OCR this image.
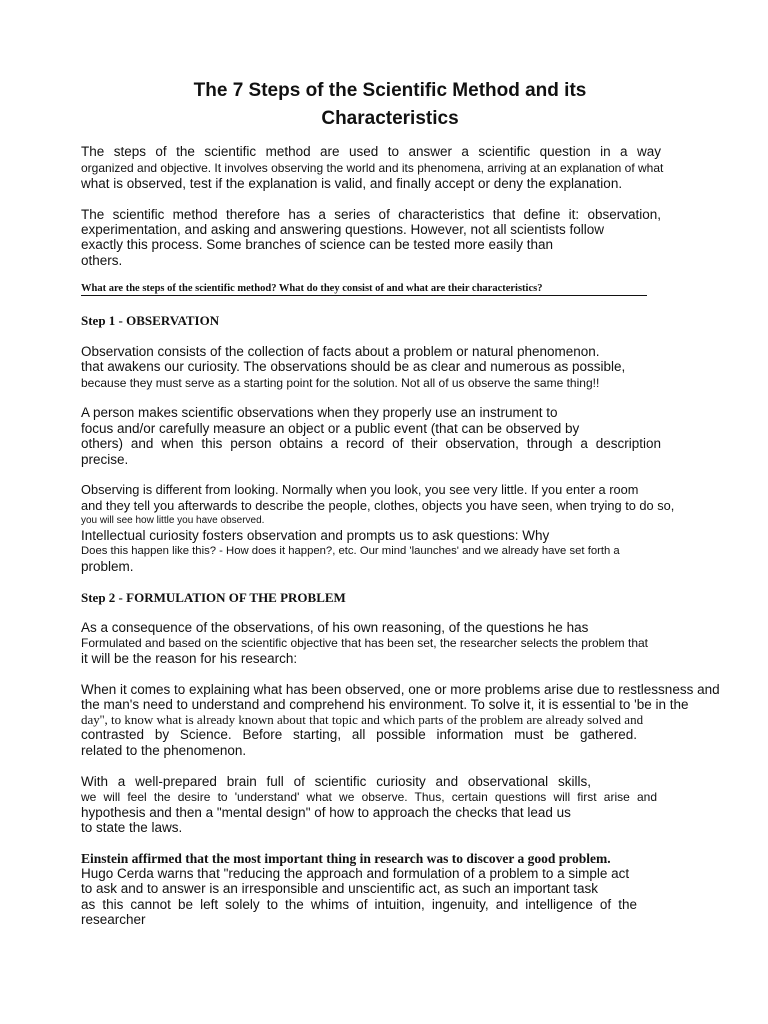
The 7 Steps of the Scientific Method and its

Characteristics

The steps of the scientific method are used to answer a scientific question in a way

organized and objective. It involves observing the world and its phenomena, arriving at an explanation of what

what is observed, test if the explanation is valid, and finally accept or deny the explanation.

The scientific method therefore has a series of characteristics that define it: observation,

experimentation, and asking and answering questions. However, not all scientists follow

exactly this process. Some branches of science can be tested more easily than

others.

What are the steps of the scientific method? What do they consist of and what are their characteristics?

Step 1 - OBSERVATION

Observation consists of the collection of facts about a problem or natural phenomenon.

that awakens our curiosity. The observations should be as clear and numerous as possible,

because they must serve as a starting point for the solution. Not all of us observe the same thing!!

A person makes scientific observations when they properly use an instrument to

focus and/or carefully measure an object or a public event (that can be observed by

others) and when this person obtains a record of their observation, through a description

precise.

Observing is different from looking. Normally when you look, you see very little. If you enter a room

and they tell you afterwards to describe the people, clothes, objects you have seen, when trying to do so,

you will see how little you have observed.

Intellectual curiosity fosters observation and prompts us to ask questions: Why

Does this happen like this? - How does it happen?, etc. Our mind 'launches' and we already have set forth a

problem.

Step 2 - FORMULATION OF THE PROBLEM

As a consequence of the observations, of his own reasoning, of the questions he has

Formulated and based on the scientific objective that has been set, the researcher selects the problem that

it will be the reason for his research:

When it comes to explaining what has been observed, one or more problems arise due to restlessness and

the man's need to understand and comprehend his environment. To solve it, it is essential to 'be in the

day'', to know what is already known about that topic and which parts of the problem are already solved and

contrasted by Science. Before starting, all possible information must be gathered.

related to the phenomenon.

With a well-prepared brain full of scientific curiosity and observational skills,

we will feel the desire to 'understand' what we observe. Thus, certain questions will first arise and

hypothesis and then a "mental design" of how to approach the checks that lead us

to state the laws.

Einstein affirmed that the most important thing in research was to discover a good problem.

Hugo Cerda warns that "reducing the approach and formulation of a problem to a simple act

to ask and to answer is an irresponsible and unscientific act, as such an important task

as this cannot be left solely to the whims of intuition, ingenuity, and intelligence of the

researcher
